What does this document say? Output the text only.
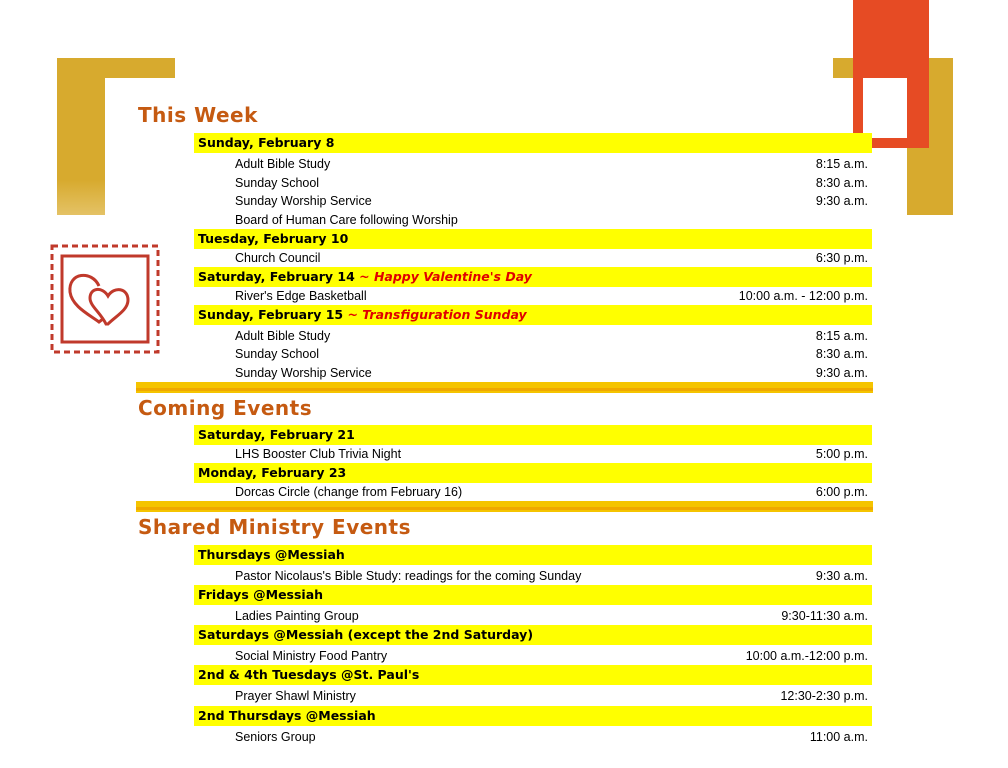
This Week
Sunday, February 8
Adult Bible Study	8:15 a.m.
Sunday School	8:30 a.m.
Sunday Worship Service	9:30 a.m.
Board of Human Care following Worship
Tuesday, February 10
Church Council	6:30 p.m.
Saturday, February 14 ~ Happy Valentine's Day
River's Edge Basketball	10:00 a.m. - 12:00 p.m.
Sunday, February 15 ~ Transfiguration Sunday
Adult Bible Study	8:15 a.m.
Sunday School	8:30 a.m.
Sunday Worship Service	9:30 a.m.
Coming Events
Saturday, February 21
LHS Booster Club Trivia Night	5:00 p.m.
Monday, February 23
Dorcas Circle (change from February 16)	6:00 p.m.
Shared Ministry Events
Thursdays @Messiah
Pastor Nicolaus's Bible Study: readings for the coming Sunday	9:30 a.m.
Fridays @Messiah
Ladies Painting Group	9:30-11:30 a.m.
Saturdays @Messiah (except the 2nd Saturday)
Social Ministry Food Pantry	10:00 a.m.-12:00 p.m.
2nd & 4th Tuesdays @St. Paul's
Prayer Shawl Ministry	12:30-2:30 p.m.
2nd Thursdays @Messiah
Seniors Group	11:00 a.m.
